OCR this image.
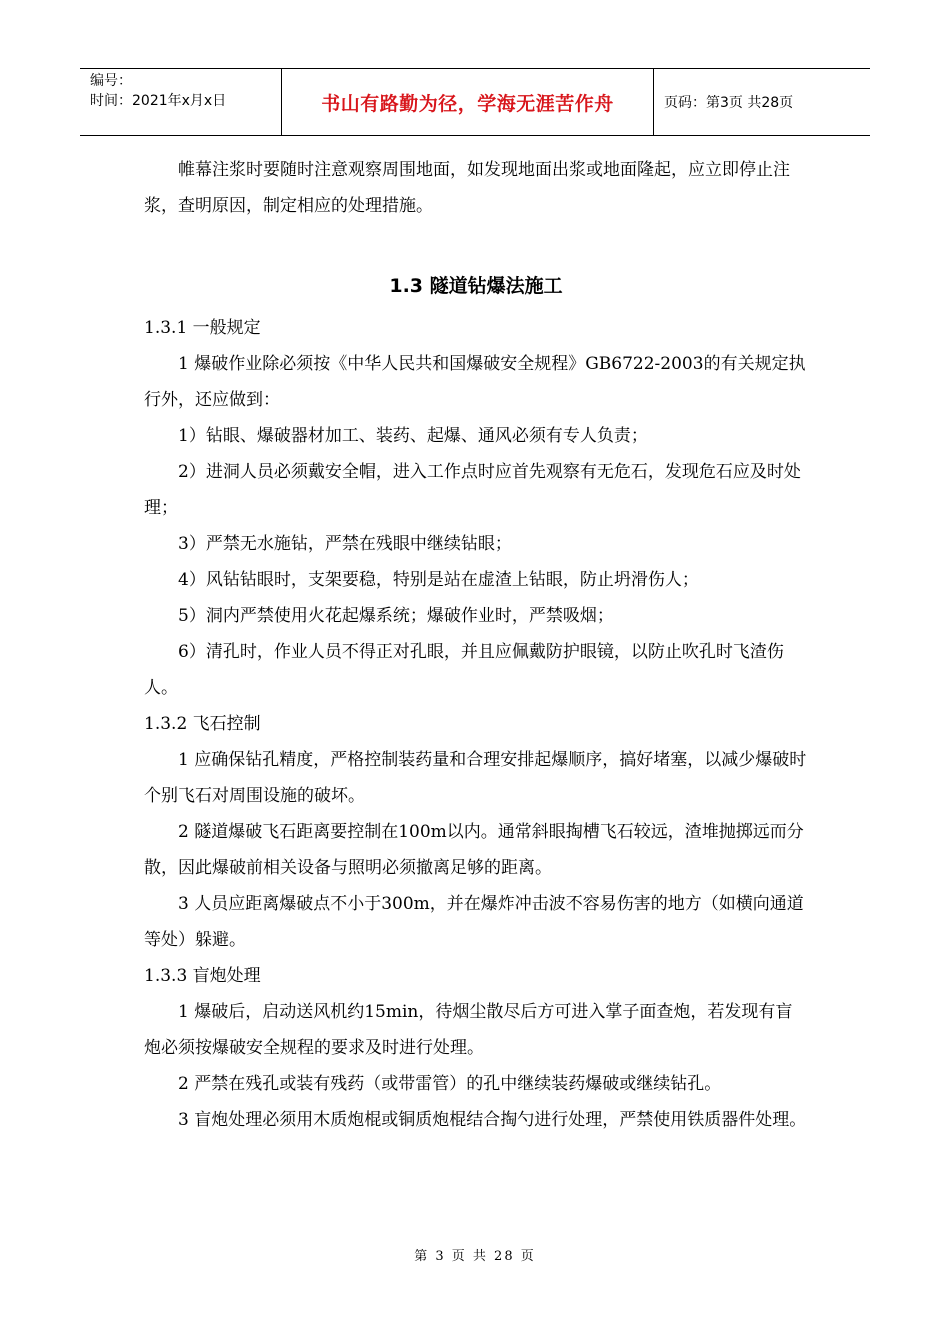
编号：
时间：2021年x月x日	书山有路勤为径，学海无涯苦作舟	页码：第3页 共28页

帷幕注浆时要随时注意观察周围地面，如发现地面出浆或地面隆起，应立即停止注浆，查明原因，制定相应的处理措施。

1.3 隧道钻爆法施工

1.3.1 一般规定

1 爆破作业除必须按《中华人民共和国爆破安全规程》GB6722-2003的有关规定执行外，还应做到：

1）钻眼、爆破器材加工、装药、起爆、通风必须有专人负责；

2）进洞人员必须戴安全帽，进入工作点时应首先观察有无危石，发现危石应及时处理；

3）严禁无水施钻，严禁在残眼中继续钻眼；

4）风钻钻眼时，支架要稳，特别是站在虚渣上钻眼，防止坍滑伤人；

5）洞内严禁使用火花起爆系统；爆破作业时，严禁吸烟；

6）清孔时，作业人员不得正对孔眼，并且应佩戴防护眼镜，以防止吹孔时飞渣伤人。

1.3.2 飞石控制

1 应确保钻孔精度，严格控制装药量和合理安排起爆顺序，搞好堵塞，以减少爆破时个别飞石对周围设施的破坏。

2 隧道爆破飞石距离要控制在100m以内。通常斜眼掏槽飞石较远，渣堆抛掷远而分散，因此爆破前相关设备与照明必须撤离足够的距离。

3 人员应距离爆破点不小于300m，并在爆炸冲击波不容易伤害的地方（如横向通道等处）躲避。

1.3.3 盲炮处理

1 爆破后，启动送风机约15min，待烟尘散尽后方可进入掌子面查炮，若发现有盲炮必须按爆破安全规程的要求及时进行处理。

2 严禁在残孔或装有残药（或带雷管）的孔中继续装药爆破或继续钻孔。

3 盲炮处理必须用木质炮棍或铜质炮棍结合掏勺进行处理，严禁使用铁质器件处理。

第 3 页 共 28 页
